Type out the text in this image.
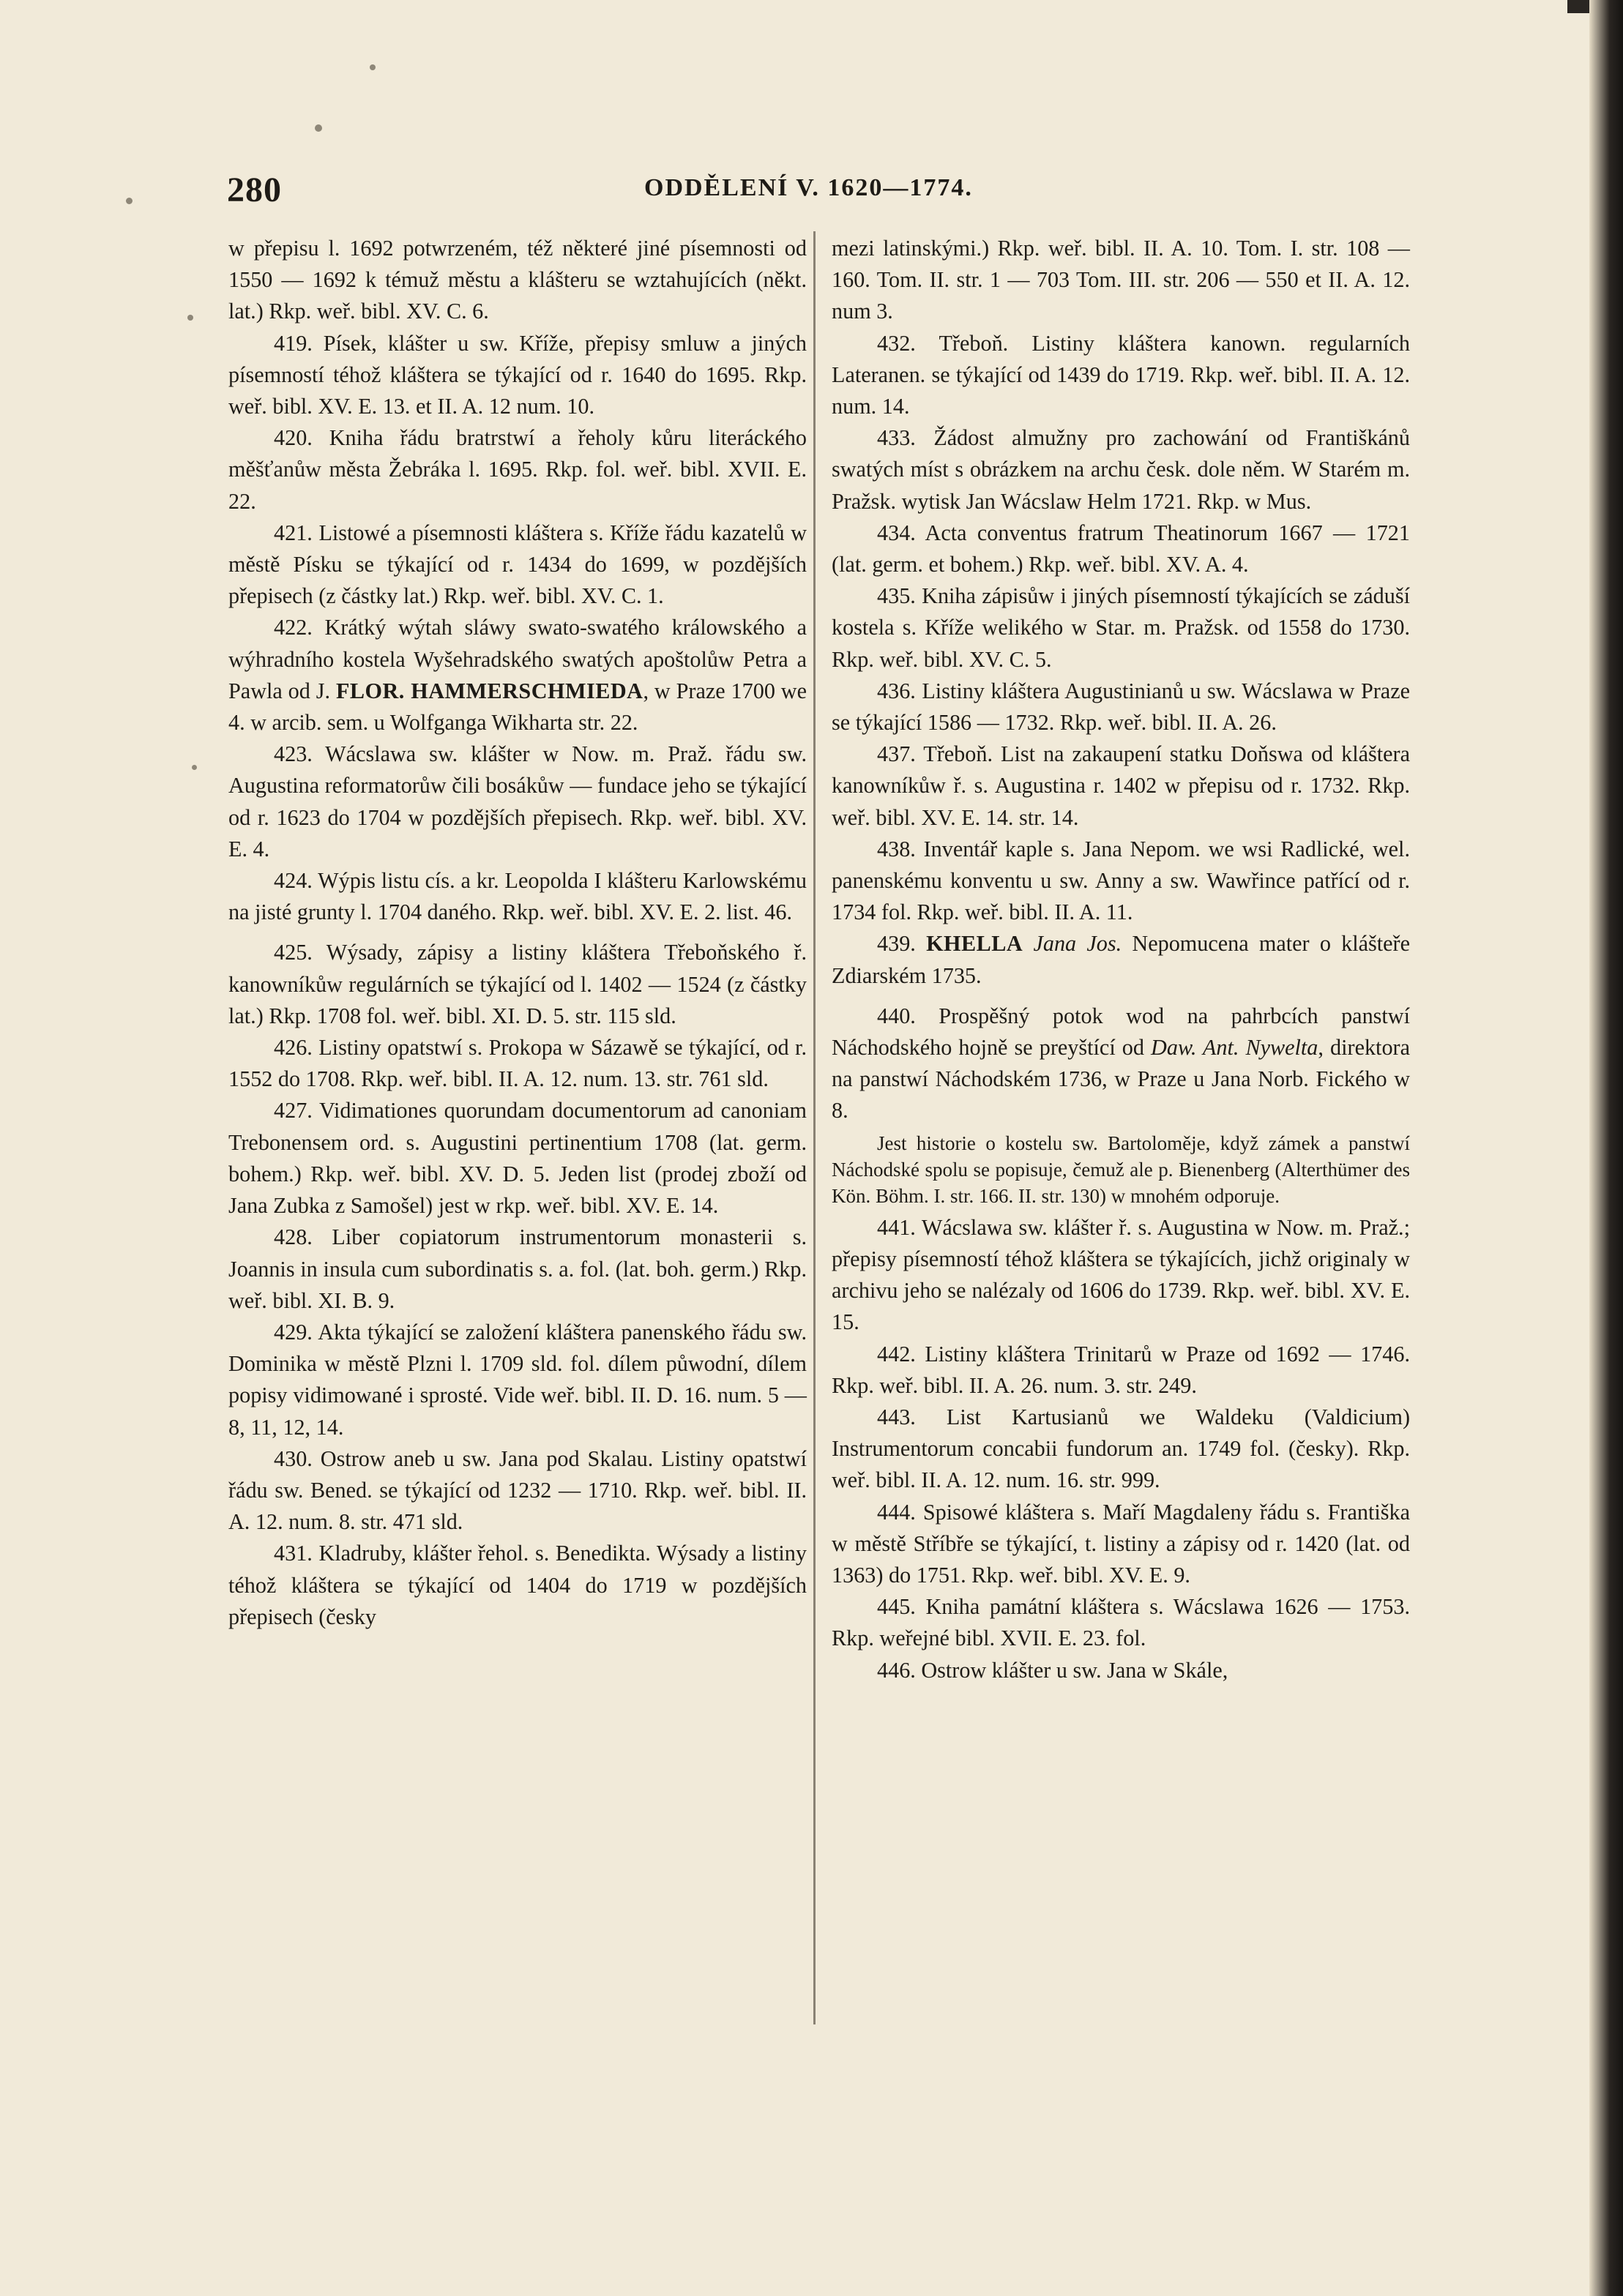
280	ODDĚLENÍ V. 1620—1774.

w přepisu l. 1692 potwrzeném, též některé jiné písemnosti od 1550 — 1692 k témuž městu a klášteru se wztahujících (někt. lat.) Rkp. weř. bibl. XV. C. 6.

419. Písek, klášter u sw. Kříže, přepisy smluw a jiných písemností téhož kláštera se týkající od r. 1640 do 1695. Rkp. weř. bibl. XV. E. 13. et II. A. 12 num. 10.

420. Kniha řádu bratrstwí a řeholy kůru literáckého měšťanůw města Žebráka l. 1695. Rkp. fol. weř. bibl. XVII. E. 22.

421. Listowé a písemnosti kláštera s. Kříže řádu kazatelů w městě Písku se týkající od r. 1434 do 1699, w pozdějších přepisech (z částky lat.) Rkp. weř. bibl. XV. C. 1.

422. Krátký wýtah sláwy swato-swatého králowského a wýhradního kostela Wyšehradského swatých apoštolůw Petra a Pawla od J. FLOR. HAMMERSCHMIEDA, w Praze 1700 we 4. w arcib. sem. u Wolfganga Wikharta str. 22.

423. Wácslawa sw. klášter w Now. m. Praž. řádu sw. Augustina reformatorůw čili bosákůw — fundace jeho se týkající od r. 1623 do 1704 w pozdějších přepisech. Rkp. weř. bibl. XV. E. 4.

424. Wýpis listu cís. a kr. Leopolda I klášteru Karlowskému na jisté grunty l. 1704 daného. Rkp. weř. bibl. XV. E. 2. list. 46.

425. Wýsady, zápisy a listiny kláštera Třeboňského ř. kanowníkůw regulárních se týkající od l. 1402 — 1524 (z částky lat.) Rkp. 1708 fol. weř. bibl. XI. D. 5. str. 115 sld.

426. Listiny opatstwí s. Prokopa w Sázawě se týkající, od r. 1552 do 1708. Rkp. weř. bibl. II. A. 12. num. 13. str. 761 sld.

427. Vidimationes quorundam documentorum ad canoniam Trebonensem ord. s. Augustini pertinentium 1708 (lat. germ. bohem.) Rkp. weř. bibl. XV. D. 5. Jeden list (prodej zboží od Jana Zubka z Samošel) jest w rkp. weř. bibl. XV. E. 14.

428. Liber copiatorum instrumentorum monasterii s. Joannis in insula cum subordinatis s. a. fol. (lat. boh. germ.) Rkp. weř. bibl. XI. B. 9.

429. Akta týkající se založení kláštera panenského řádu sw. Dominika w městě Plzni l. 1709 sld. fol. dílem půwodní, dílem popisy vidimowané i sprosté. Vide weř. bibl. II. D. 16. num. 5 — 8, 11, 12, 14.

430. Ostrow aneb u sw. Jana pod Skalau. Listiny opatstwí řádu sw. Bened. se týkající od 1232 — 1710. Rkp. weř. bibl. II. A. 12. num. 8. str. 471 sld.

431. Kladruby, klášter řehol. s. Benedikta. Wýsady a listiny téhož kláštera se týkající od 1404 do 1719 w pozdějších přepisech (česky

mezi latinskými.) Rkp. weř. bibl. II. A. 10. Tom. I. str. 108 — 160. Tom. II. str. 1 — 703 Tom. III. str. 206 — 550 et II. A. 12. num 3.

432. Třeboň. Listiny kláštera kanown. regularních Lateranen. se týkající od 1439 do 1719. Rkp. weř. bibl. II. A. 12. num. 14.

433. Žádost almužny pro zachowání od Františkánů swatých míst s obrázkem na archu česk. dole něm. W Starém m. Pražsk. wytisk Jan Wácslaw Helm 1721. Rkp. w Mus.

434. Acta conventus fratrum Theatinorum 1667 — 1721 (lat. germ. et bohem.) Rkp. weř. bibl. XV. A. 4.

435. Kniha zápisůw i jiných písemností týkajících se záduší kostela s. Kříže welikého w Star. m. Pražsk. od 1558 do 1730. Rkp. weř. bibl. XV. C. 5.

436. Listiny kláštera Augustinianů u sw. Wácslawa w Praze se týkající 1586 — 1732. Rkp. weř. bibl. II. A. 26.

437. Třeboň. List na zakaupení statku Doňswa od kláštera kanowníkůw ř. s. Augustina r. 1402 w přepisu od r. 1732. Rkp. weř. bibl. XV. E. 14. str. 14.

438. Inventář kaple s. Jana Nepom. we wsi Radlické, wel. panenskému konventu u sw. Anny a sw. Wawřince patřící od r. 1734 fol. Rkp. weř. bibl. II. A. 11.

439. KHELLA Jana Jos. Nepomucena mater o klášteře Zdiarském 1735.

440. Prospěšný potok wod na pahrbcích panstwí Náchodského hojně se preyštící od Daw. Ant. Nywelta, direktora na panstwí Náchodském 1736, w Praze u Jana Norb. Fického w 8.

Jest historie o kostelu sw. Bartoloměje, když zámek a panstwí Náchodské spolu se popisuje, čemuž ale p. Bienenberg (Alterthümer des Kön. Böhm. I. str. 166. II. str. 130) w mnohém odporuje.

441. Wácslawa sw. klášter ř. s. Augustina w Now. m. Praž.; přepisy písemností téhož kláštera se týkajících, jichž originaly w archivu jeho se nalézaly od 1606 do 1739. Rkp. weř. bibl. XV. E. 15.

442. Listiny kláštera Trinitarů w Praze od 1692 — 1746. Rkp. weř. bibl. II. A. 26. num. 3. str. 249.

443. List Kartusianů we Waldeku (Valdicium) Instrumentorum concabii fundorum an. 1749 fol. (česky). Rkp. weř. bibl. II. A. 12. num. 16. str. 999.

444. Spisowé kláštera s. Maří Magdaleny řádu s. Františka w městě Stříbře se týkající, t. listiny a zápisy od r. 1420 (lat. od 1363) do 1751. Rkp. weř. bibl. XV. E. 9.

445. Kniha památní kláštera s. Wácslawa 1626 — 1753. Rkp. weřejné bibl. XVII. E. 23. fol.

446. Ostrow klášter u sw. Jana w Skále,
